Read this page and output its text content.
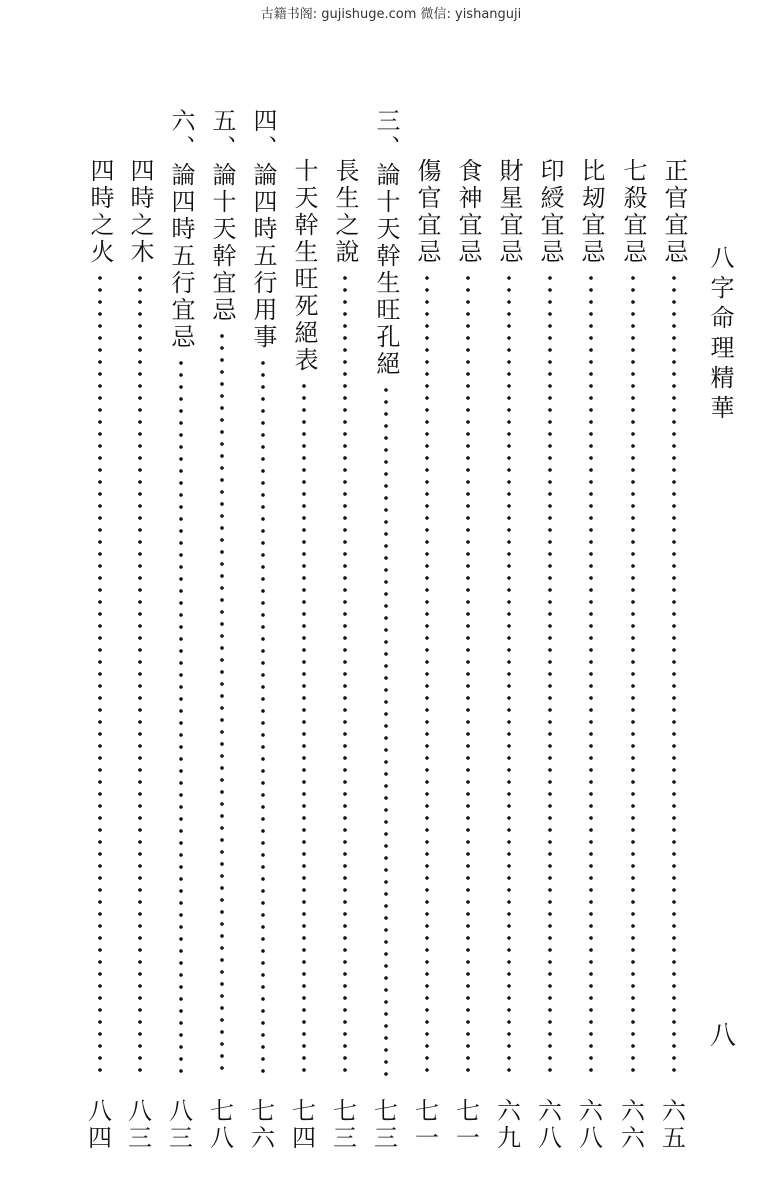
古籍书阁: gujishuge.com 微信: yishanguji
八字命理精華
八
正官宜忌
七殺宜忌
比刼宜忌
印綬宜忌
財星宜忌
食神宜忌
傷官宜忌
三、論十天幹生旺孔絕
長生之說
十天幹生旺死絕表
四、論四時五行用事
五、論十天幹宜忌
六、論四時五行宜忌
四時之木
四時之火
六
五
六
六
六
八
六
八
六
九
七
一
七
一
七
三
七
三
七
四
七
六
七
八
八
三
八
三
八
四
